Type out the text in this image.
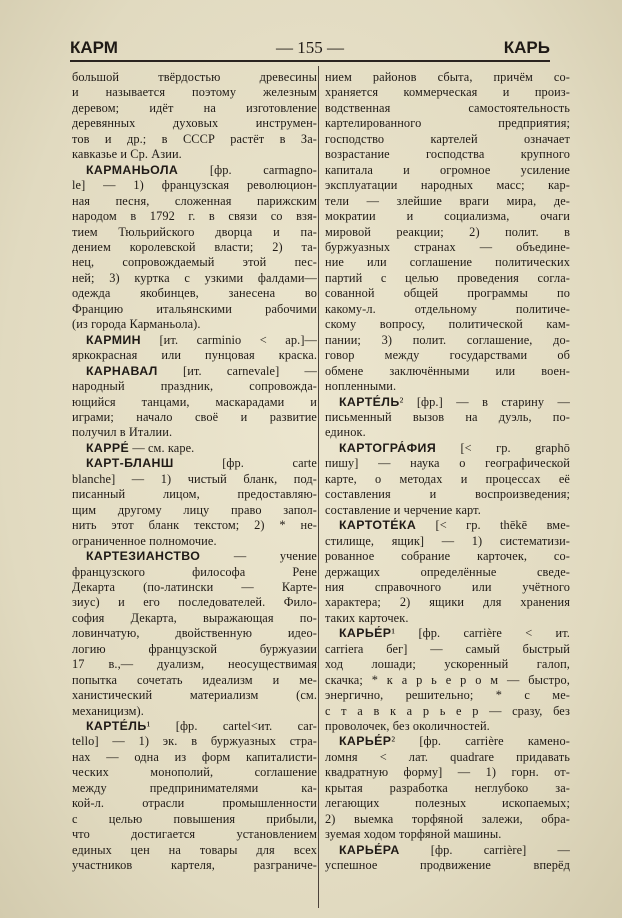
КАРМ	— 155 —	КАРЬ
большой твёрдостью древесины
и называется поэтому железным
деревом; идёт на изготовление
деревянных духовых инструмен-
тов и др.; в СССР растёт в За-
кавказье и Ср. Азии.
КАРМАНЬОЛА [фр. carmagno-
le] — 1) французская революцион-
ная песня, сложенная парижским
народом в 1792 г. в связи со взя-
тием Тюльрийского дворца и па-
дением королевской власти; 2) та-
нец, сопровождаемый этой пес-
ней; 3) куртка с узкими фалдами—
одежда якобинцев, занесена во
Францию итальянскими рабочими
(из города Карманьола).
КАРМИН [ит. carminio < ар.]—
яркокрасная или пунцовая краска.
КАРНАВАЛ [ит. carnevale] —
народный праздник, сопровожда-
ющийся танцами, маскарадами и
играми; начало своё и развитие
получил в Италии.
КАРРЕ́ — см. каре.
КАРТ-БЛАНШ [фр. carte
blanche] — 1) чистый бланк, под-
писанный лицом, предоставляю-
щим другому лицу право запол-
нить этот бланк текстом; 2) * не-
ограниченное полномочие.
КАРТЕЗИАНСТВО — учение
французского философа Рене
Декарта (по-латински — Карте-
зиус) и его последователей. Фило-
софия Декарта, выражающая по-
ловинчатую, двойственную идео-
логию французской буржуазии
17 в.,— дуализм, неосуществимая
попытка сочетать идеализм и ме-
ханистический материализм (см.
механицизм).
КАРТЕ́ЛЬ¹ [фр. cartel<ит. car-
tello] — 1) эк. в буржуазных стра-
нах — одна из форм капиталисти-
ческих монополий, соглашение
между предпринимателями ка-
кой-л. отрасли промышленности
с целью повышения прибыли,
что достигается установлением
единых цен на товары для всех
участников картеля, разграниче-
нием районов сбыта, причём со-
храняется коммерческая и произ-
водственная самостоятельность
картелированного предприятия;
господство картелей означает
возрастание господства крупного
капитала и огромное усиление
эксплуатации народных масс; кар-
тели — злейшие враги мира, де-
мократии и социализма, очаги
мировой реакции; 2) полит. в
буржуазных странах — объедине-
ние или соглашение политических
партий с целью проведения согла-
сованной общей программы по
какому-л. отдельному политиче-
скому вопросу, политической кам-
пании; 3) полит. соглашение, до-
говор между государствами об
обмене заключёнными или воен-
нопленными.
КАРТЕ́ЛЬ² [фр.] — в старину —
письменный вызов на дуэль, по-
единок.
КАРТОГРА́ФИЯ [< гр. graphō
пишу] — наука о географической
карте, о методах и процессах её
составления и воспроизведения;
составление и черчение карт.
КАРТОТЕ́КА [< гр. thēkē вме-
стилище, ящик] — 1) систематизи-
рованное собрание карточек, со-
держащих определённые сведе-
ния справочного или учётного
характера; 2) ящики для хранения
таких карточек.
КАРЬЕ́Р¹ [фр. carrière < ит.
carriera бег] — самый быстрый
ход лошади; ускоренный галоп,
скачка; * к а р ь е р о м — быстро,
энергично, решительно; * с ме-
с т а в к а р ь е р — сразу, без
проволочек, без околичностей.
КАРЬЕ́Р² [фр. carrière каменo-
ломня < лат. quadrare придавать
квадратную форму] — 1) горн. от-
крытая разработка неглубоко за-
легающих полезных ископаемых;
2) выемка торфяной залежи, обра-
зуемая ходом торфяной машины.
КАРЬЕ́РА [фр. carrière] —
успешное продвижение вперёд
